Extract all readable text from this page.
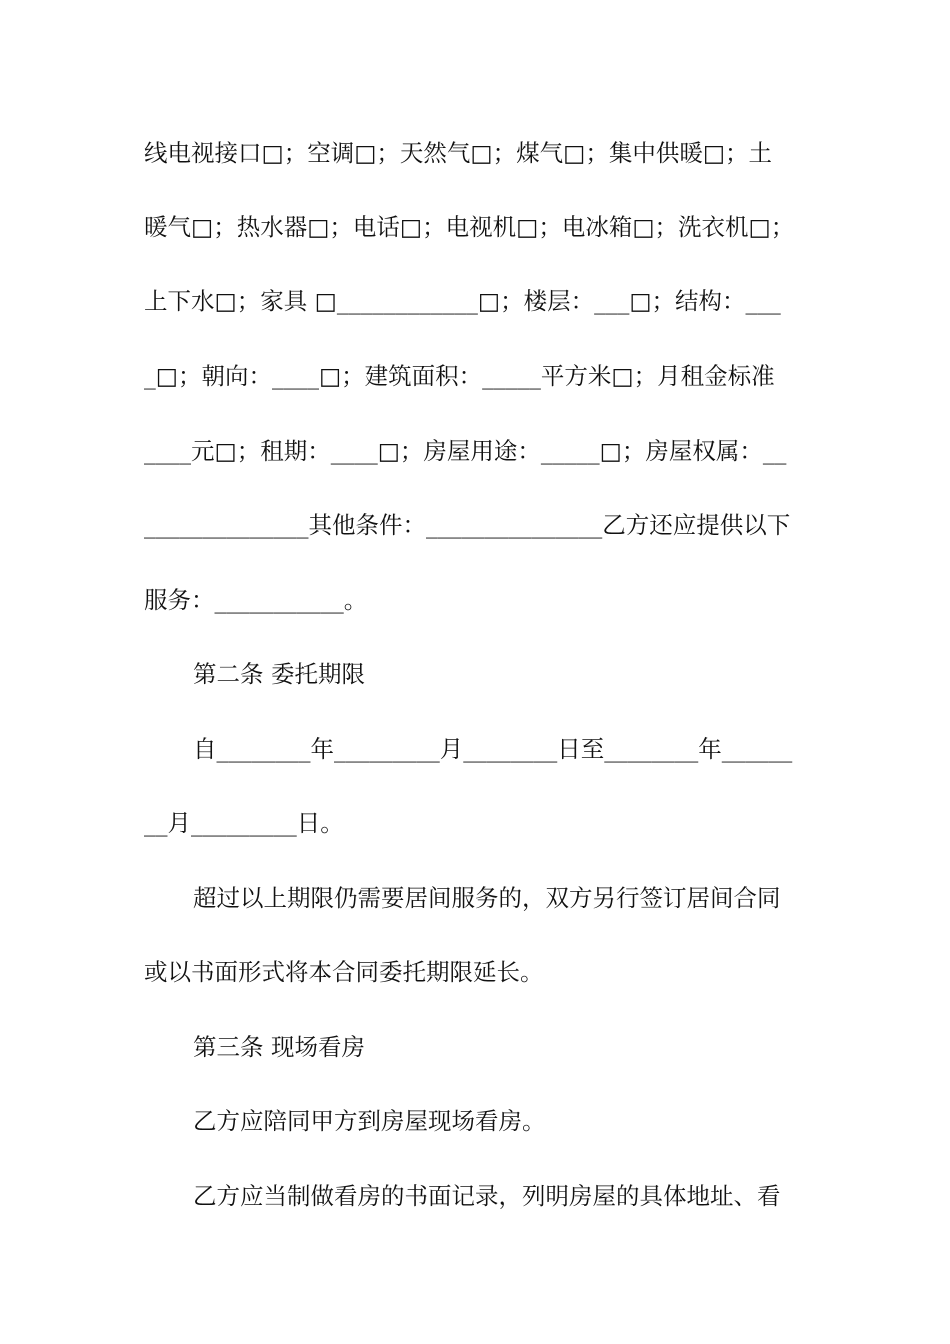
线电视接口□；空调□；天然气□；煤气□；集中供暖□；土
暖气□；热水器□；电话□；电视机□；电冰箱□；洗衣机□；
上下水□；家具 □____________□；楼层：___□；结构：___
_□；朝向：____□；建筑面积：_____平方米□；月租金标准
____元□；租期：____□；房屋用途：_____□；房屋权属：__
______________其他条件：_______________乙方还应提供以下
服务：___________。
第二条 委托期限
自________年_________月________日至________年______
__月_________日。
超过以上期限仍需要居间服务的，双方另行签订居间合同
或以书面形式将本合同委托期限延长。
第三条 现场看房
乙方应陪同甲方到房屋现场看房。
乙方应当制做看房的书面记录，列明房屋的具体地址、看
